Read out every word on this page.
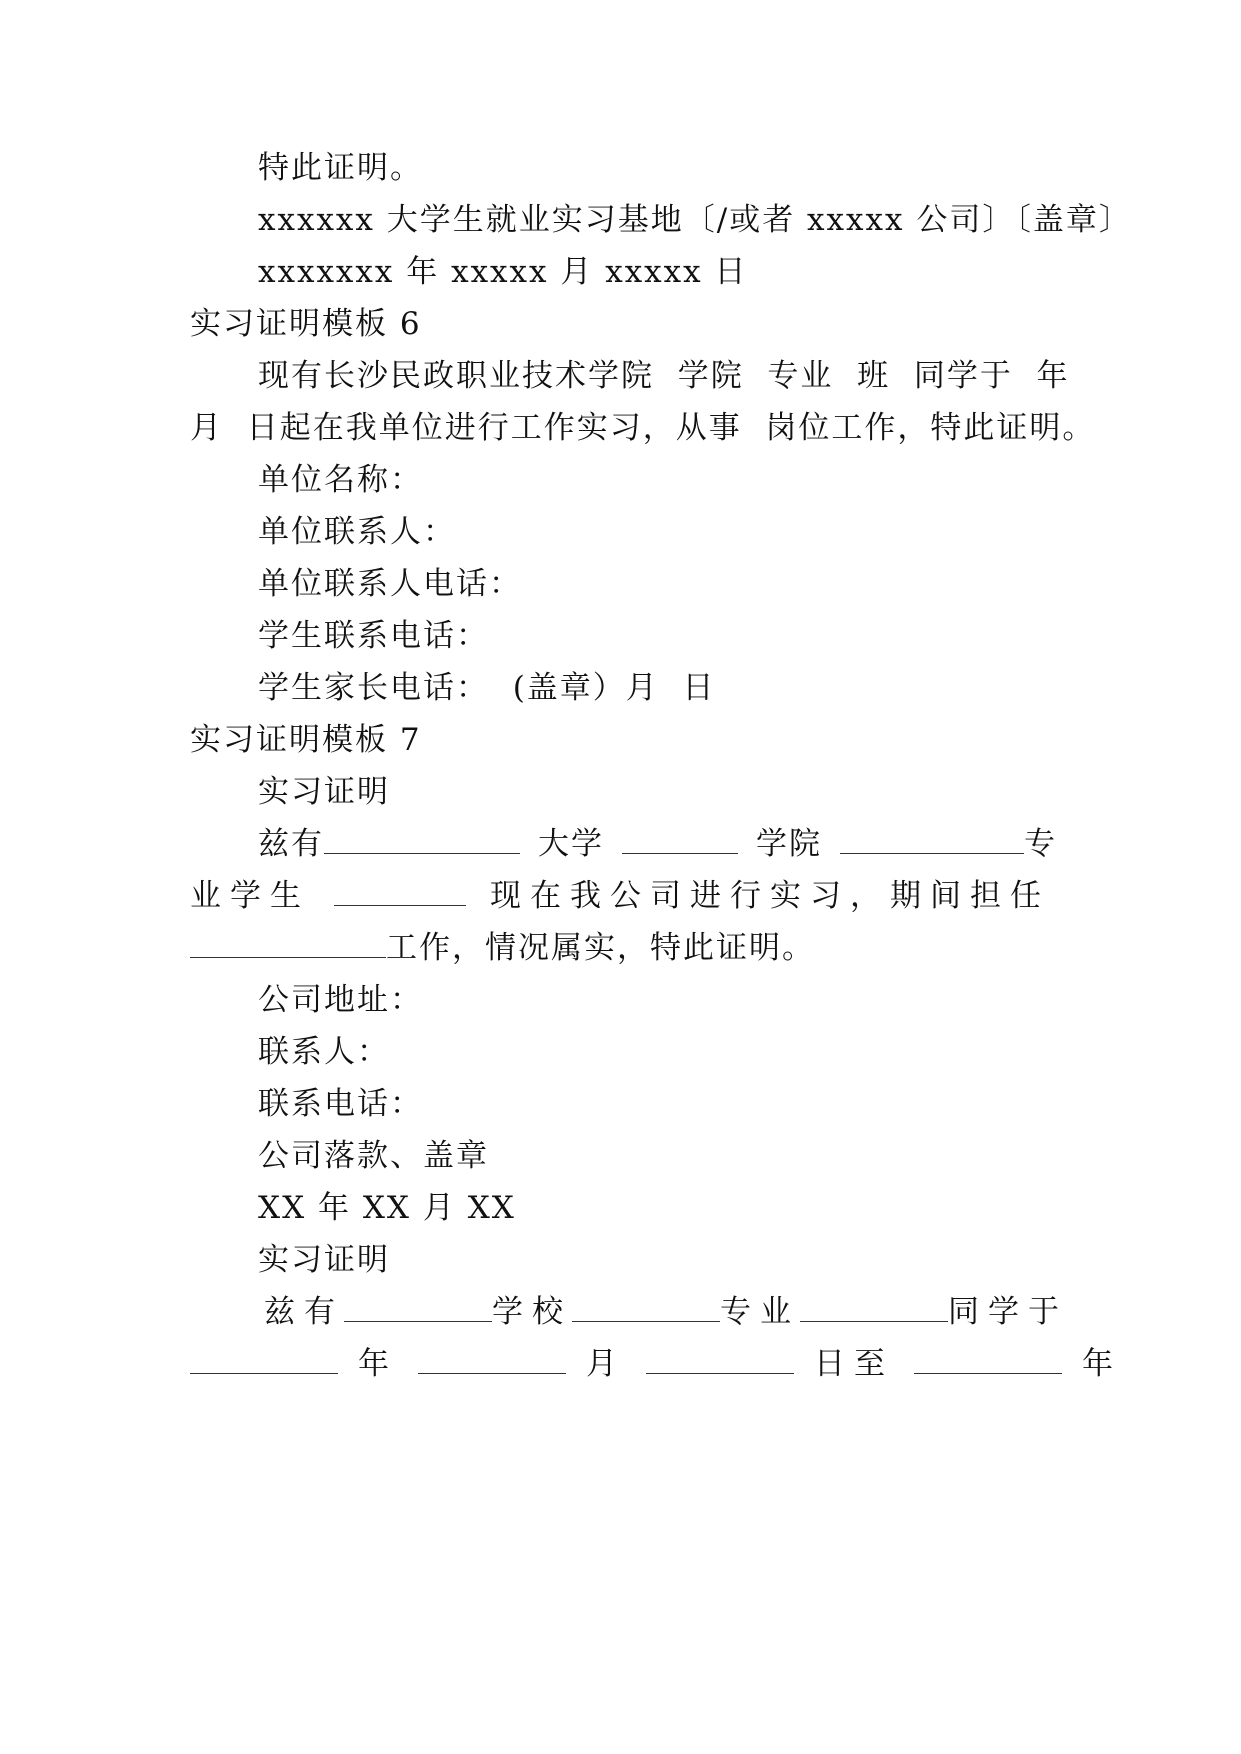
特此证明。
xxxxxx 大学生就业实习基地〔/或者 xxxxx 公司〕〔盖章〕
xxxxxxx 年 xxxxx 月 xxxxx 日
实习证明模板 6
现有长沙民政职业技术学院  学院  专业  班  同学于  年
月  日起在我单位进行工作实习，从事  岗位工作，特此证明。
单位名称：
单位联系人：
单位联系人电话：
学生联系电话：
学生家长电话：  (盖章）月  日
实习证明模板 7
实习证明
兹有	大学	学院	专
业学生	现在我公司进行实习，期间担任
工作，情况属实，特此证明。
公司地址：
联系人：
联系电话：
公司落款、盖章
XX 年 XX 月 XX
实习证明
兹有	学校	专业	同学于
年	月	日至	年
